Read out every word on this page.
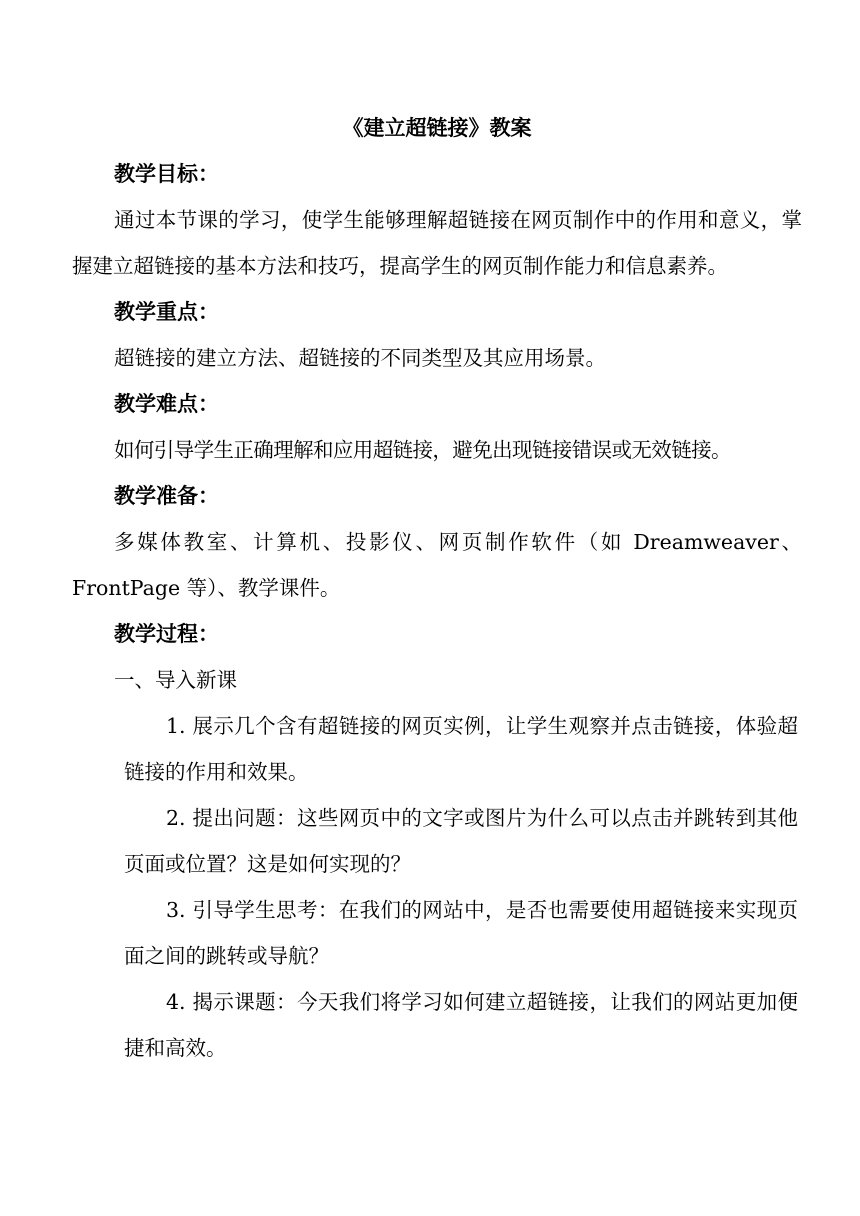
《建立超链接》教案

教学目标：

通过本节课的学习，使学生能够理解超链接在网页制作中的作用和意义，掌握建立超链接的基本方法和技巧，提高学生的网页制作能力和信息素养。

教学重点：

超链接的建立方法、超链接的不同类型及其应用场景。

教学难点：

如何引导学生正确理解和应用超链接，避免出现链接错误或无效链接。

教学准备：

多媒体教室、计算机、投影仪、网页制作软件（如 Dreamweaver、FrontPage 等）、教学课件。

教学过程：

一、导入新课

1. 展示几个含有超链接的网页实例，让学生观察并点击链接，体验超链接的作用和效果。

2. 提出问题：这些网页中的文字或图片为什么可以点击并跳转到其他页面或位置？这是如何实现的？

3. 引导学生思考：在我们的网站中，是否也需要使用超链接来实现页面之间的跳转或导航？

4. 揭示课题：今天我们将学习如何建立超链接，让我们的网站更加便捷和高效。
